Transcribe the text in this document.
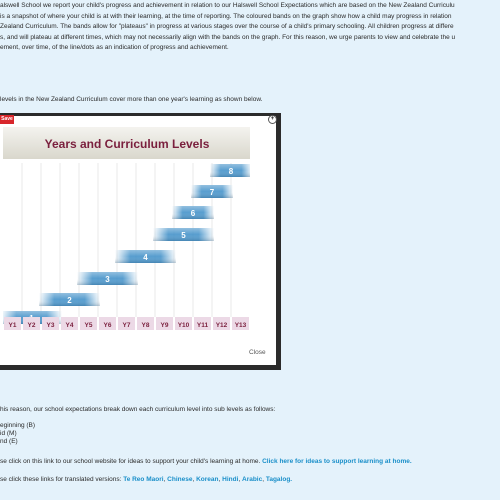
alswell School we report your child's progress and achievement in relation to our Halswell School Expectations which are based on the New Zealand Curriculu
is a snapshot of where your child is at with their learning, at the time of reporting. The coloured bands on the graph show how a child may progress in relation
Zealand Curriculum. The bands allow for "plateaus" in progress at various stages over the course of a child's primary schooling. All children progress at differe
s, and will plateau at different times, which may not necessarily align with the bands on the graph. For this reason, we urge parents to view and celebrate the u
ement, over time, of the line/dots as an indication of progress and achievement.

levels in the New Zealand Curriculum cover more than one year's learning as shown below.

Save	+
Years and Curriculum Levels
2
3
4
5
6
7
8
Y1 Y2 Y3 Y4 Y5 Y6 Y7 Y8 Y9 Y10 Y11 Y12 Y13
Close

his reason, our school expectations break down each curriculum level into sub levels as follows:

eginning (B)
id (M)
nd (E)

se click on this link to our school website for ideas to support your child's learning at home. Click here for ideas to support learning at home.

se click these links for translated versions: Te Reo Maori, Chinese, Korean, Hindi, Arabic, Tagalog.
